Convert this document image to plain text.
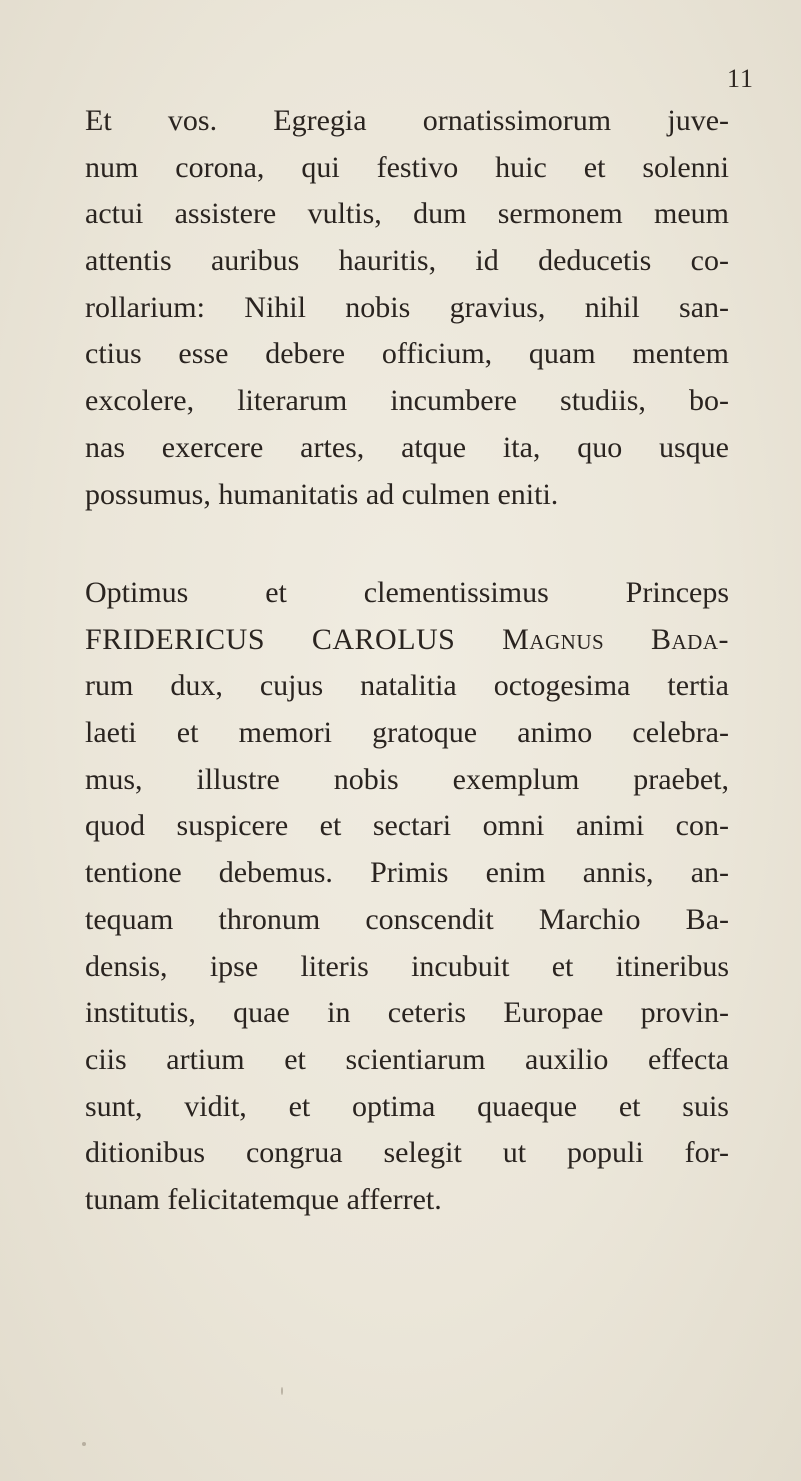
11
Et vos. Egregia ornatissimorum juve-
num corona, qui festivo huic et solenni
actui assistere vultis, dum sermonem meum
attentis auribus hauritis, id deducetis co-
rollarium: Nihil nobis gravius, nihil san-
ctius esse debere officium, quam mentem
excolere, literarum incumbere studiis, bo-
nas exercere artes, atque ita, quo usque
possumus, humanitatis ad culmen eniti.
Optimus et clementissimus Princeps
FRIDERICUS CAROLUS Magnus Bada-
rum dux, cujus natalitia octogesima tertia
laeti et memori gratoque animo celebra-
mus, illustre nobis exemplum praebet,
quod suspicere et sectari omni animi con-
tentione debemus. Primis enim annis, an-
tequam thronum conscendit Marchio Ba-
densis, ipse literis incubuit et itineribus
institutis, quae in ceteris Europae provin-
ciis artium et scientiarum auxilio effecta
sunt, vidit, et optima quaeque et suis
ditionibus congrua selegit ut populi for-
tunam felicitatemque afferret.
